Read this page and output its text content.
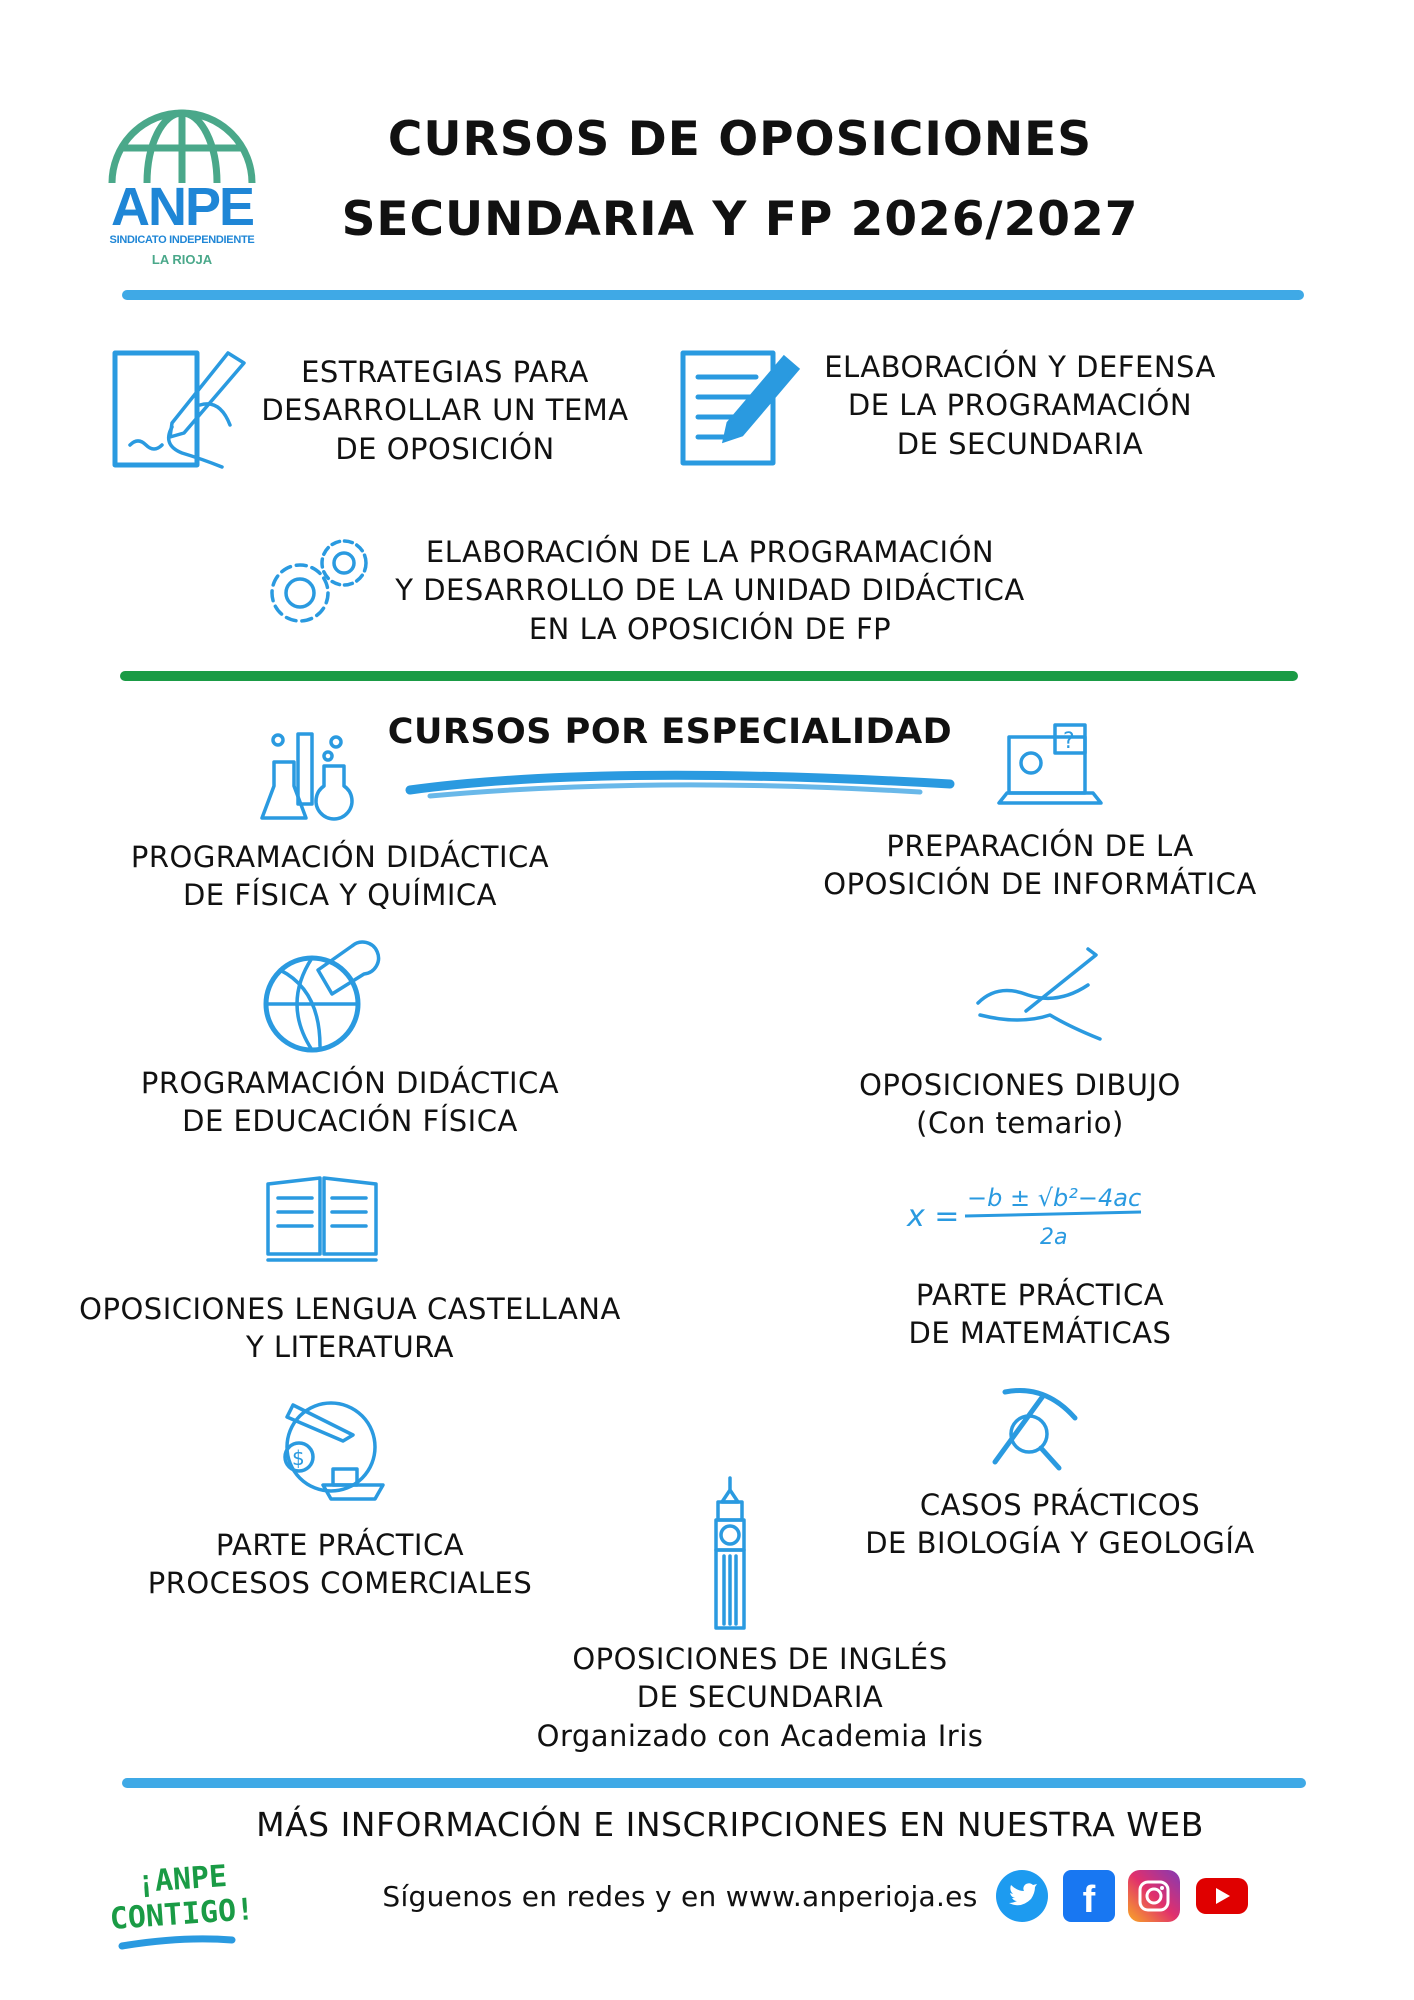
ANPE
SINDICATO INDEPENDIENTE
LA RIOJA
CURSOS DE OPOSICIONES
SECUNDARIA Y FP 2026/2027
ESTRATEGIAS PARA
DESARROLLAR UN TEMA
DE OPOSICIÓN
ELABORACIÓN Y DEFENSA
DE LA PROGRAMACIÓN
DE SECUNDARIA
ELABORACIÓN DE LA PROGRAMACIÓN
Y DESARROLLO DE LA UNIDAD DIDÁCTICA
EN LA OPOSICIÓN DE FP
CURSOS POR ESPECIALIDAD
PROGRAMACIÓN DIDÁCTICA
DE FÍSICA Y QUÍMICA
?
PREPARACIÓN DE LA
OPOSICIÓN DE INFORMÁTICA
PROGRAMACIÓN DIDÁCTICA
DE EDUCACIÓN FÍSICA
OPOSICIONES DIBUJO
(Con temario)
OPOSICIONES LENGUA CASTELLANA
Y LITERATURA
x =
−b ± √b²−4ac
2a
PARTE PRÁCTICA
DE MATEMÁTICAS
$
PARTE PRÁCTICA
PROCESOS COMERCIALES
CASOS PRÁCTICOS
DE BIOLOGÍA Y GEOLOGÍA
OPOSICIONES DE INGLÉS
DE SECUNDARIA
Organizado con Academia Iris
MÁS INFORMACIÓN E INSCRIPCIONES EN NUESTRA WEB
¡ANPE
CONTIGO!	Síguenos en redes y en www.anperioja.es	f
